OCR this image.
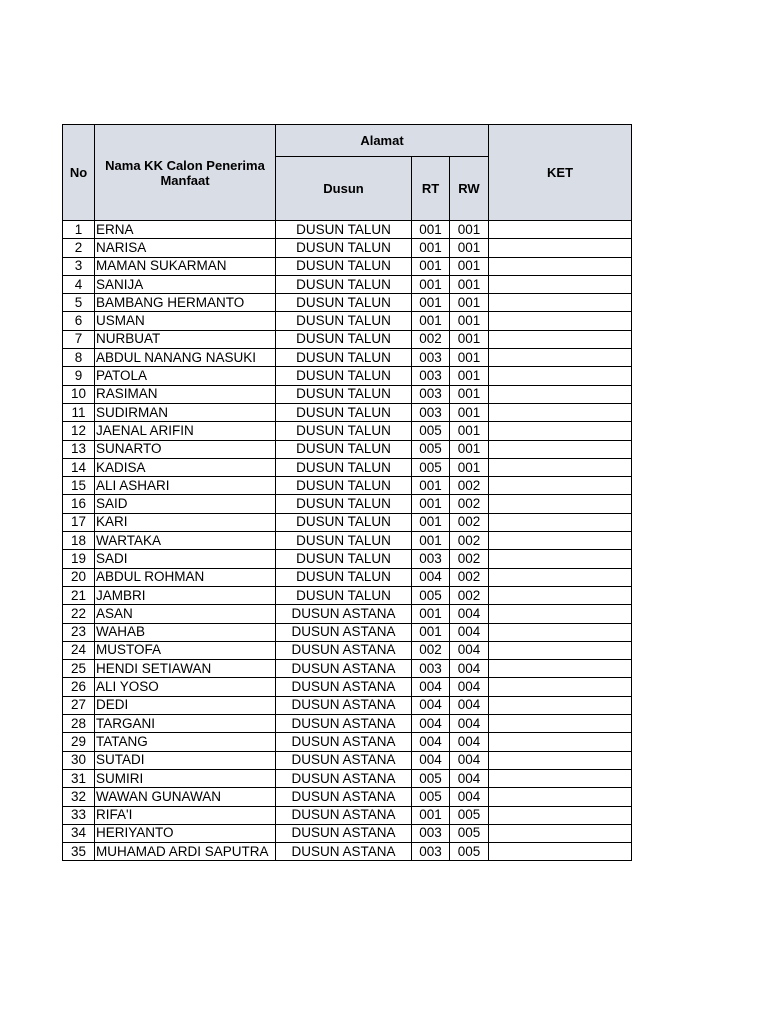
No	Nama KK Calon Penerima Manfaat	Alamat			KET
		Dusun	RT	RW	
1	ERNA	DUSUN TALUN	001	001	
2	NARISA	DUSUN TALUN	001	001	
3	MAMAN SUKARMAN	DUSUN TALUN	001	001	
4	SANIJA	DUSUN TALUN	001	001	
5	BAMBANG HERMANTO	DUSUN TALUN	001	001	
6	USMAN	DUSUN TALUN	001	001	
7	NURBUAT	DUSUN TALUN	002	001	
8	ABDUL NANANG NASUKI	DUSUN TALUN	003	001	
9	PATOLA	DUSUN TALUN	003	001	
10	RASIMAN	DUSUN TALUN	003	001	
11	SUDIRMAN	DUSUN TALUN	003	001	
12	JAENAL ARIFIN	DUSUN TALUN	005	001	
13	SUNARTO	DUSUN TALUN	005	001	
14	KADISA	DUSUN TALUN	005	001	
15	ALI ASHARI	DUSUN TALUN	001	002	
16	SAID	DUSUN TALUN	001	002	
17	KARI	DUSUN TALUN	001	002	
18	WARTAKA	DUSUN TALUN	001	002	
19	SADI	DUSUN TALUN	003	002	
20	ABDUL ROHMAN	DUSUN TALUN	004	002	
21	JAMBRI	DUSUN TALUN	005	002	
22	ASAN	DUSUN ASTANA	001	004	
23	WAHAB	DUSUN ASTANA	001	004	
24	MUSTOFA	DUSUN ASTANA	002	004	
25	HENDI SETIAWAN	DUSUN ASTANA	003	004	
26	ALI YOSO	DUSUN ASTANA	004	004	
27	DEDI	DUSUN ASTANA	004	004	
28	TARGANI	DUSUN ASTANA	004	004	
29	TATANG	DUSUN ASTANA	004	004	
30	SUTADI	DUSUN ASTANA	004	004	
31	SUMIRI	DUSUN ASTANA	005	004	
32	WAWAN GUNAWAN	DUSUN ASTANA	005	004	
33	RIFA'I	DUSUN ASTANA	001	005	
34	HERIYANTO	DUSUN ASTANA	003	005	
35	MUHAMAD ARDI SAPUTRA	DUSUN ASTANA	003	005	
